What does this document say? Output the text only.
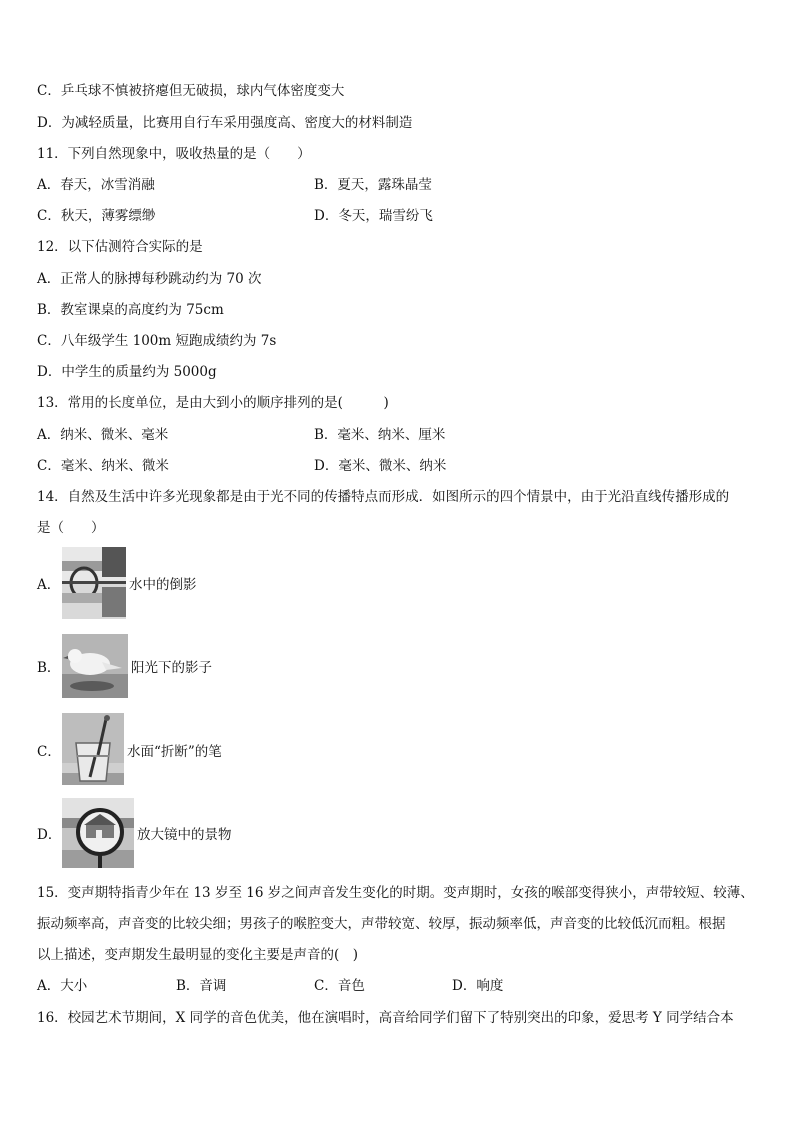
C．乒乓球不慎被挤瘪但无破损，球内气体密度变大
D．为减轻质量，比赛用自行车采用强度高、密度大的材料制造
11．下列自然现象中，吸收热量的是（　　）
A．春天，冰雪消融	B．夏天，露珠晶莹
C．秋天，薄雾缥缈	D．冬天，瑞雪纷飞
12．以下估测符合实际的是
A．正常人的脉搏每秒跳动约为 70 次
B．教室课桌的高度约为 75cm
C．八年级学生 100m 短跑成绩约为 7s
D．中学生的质量约为 5000g
13．常用的长度单位，是由大到小的顺序排列的是(　　　)
A．纳米、微米、毫米	B．毫米、纳米、厘米
C．毫米、纳米、微米	D．毫米、微米、纳米
14．自然及生活中许多光现象都是由于光不同的传播特点而形成．如图所示的四个情景中，由于光沿直线传播形成的
是（　　）
A．	水中的倒影
B．	阳光下的影子
C．	水面“折断”的笔
D．	放大镜中的景物
15．变声期特指青少年在 13 岁至 16 岁之间声音发生变化的时期。变声期时，女孩的喉部变得狭小，声带较短、较薄、
振动频率高，声音变的比较尖细；男孩子的喉腔变大，声带较宽、较厚，振动频率低，声音变的比较低沉而粗。根据
以上描述，变声期发生最明显的变化主要是声音的(　)
A．大小	B．音调	C．音色	D．响度
16．校园艺术节期间，X 同学的音色优美，他在演唱时，高音给同学们留下了特别突出的印象，爱思考 Y 同学结合本
